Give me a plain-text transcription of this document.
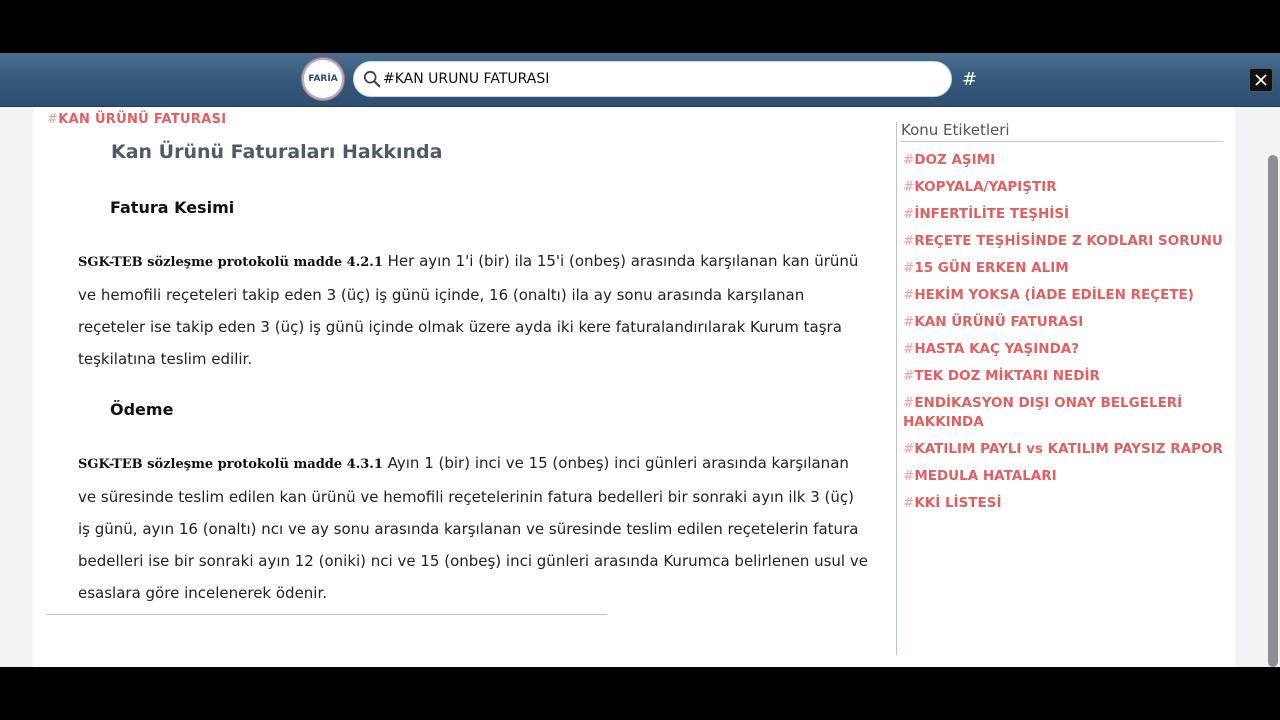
FARİA
#KAN ÜRÜNÜ FATURASI	#
#KAN ÜRÜNÜ FATURASI
Kan Ürünü Faturaları Hakkında
Fatura Kesimi
SGK-TEB sözleşme protokolü madde 4.2.1 Her ayın 1'i (bir) ila 15'i (onbeş) arasında karşılanan kan ürünü ve hemofili reçeteleri takip eden 3 (üç) iş günü içinde, 16 (onaltı) ila ay sonu arasında karşılanan reçeteler ise takip eden 3 (üç) iş günü içinde olmak üzere ayda iki kere faturalandırılarak Kurum taşra teşkilatına teslim edilir.
Ödeme
SGK-TEB sözleşme protokolü madde 4.3.1 Ayın 1 (bir) inci ve 15 (onbeş) inci günleri arasında karşılanan ve süresinde teslim edilen kan ürünü ve hemofili reçetelerinin fatura bedelleri bir sonraki ayın ilk 3 (üç) iş günü, ayın 16 (onaltı) ncı ve ay sonu arasında karşılanan ve süresinde teslim edilen reçetelerin fatura bedelleri ise bir sonraki ayın 12 (oniki) nci ve 15 (onbeş) inci günleri arasında Kurumca belirlenen usul ve esaslara göre incelenerek ödenir.
Konu Etiketleri
#DOZ AŞIMI
#KOPYALA/YAPIŞTIR
#İNFERTİLİTE TEŞHİSİ
#REÇETE TEŞHİSİNDE Z KODLARI SORUNU
#15 GÜN ERKEN ALIM
#HEKİM YOKSA (İADE EDİLEN REÇETE)
#KAN ÜRÜNÜ FATURASI
#HASTA KAÇ YAŞINDA?
#TEK DOZ MİKTARI NEDİR
#ENDİKASYON DIŞI ONAY BELGELERİ HAKKINDA
#KATILIM PAYLI vs KATILIM PAYSIZ RAPOR
#MEDULA HATALARI
#KKİ LİSTESİ
